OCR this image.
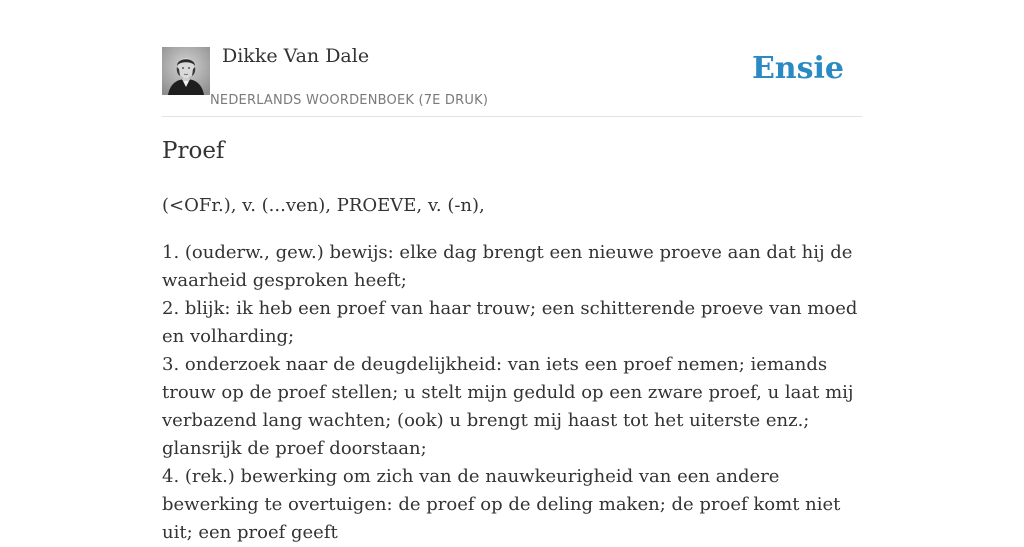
Dikke Van Dale
NEDERLANDS WOORDENBOEK (7E DRUK)
Ensie
Proef

(<OFr.), v. (...ven), PROEVE, v. (-n),

1. (ouderw., gew.) bewijs: elke dag brengt een nieuwe proeve aan dat hij de waarheid gesproken heeft;
2. blijk: ik heb een proef van haar trouw; een schitterende proeve van moed en volharding;
3. onderzoek naar de deugdelijkheid: van iets een proef nemen; iemands trouw op de proef stellen; u stelt mijn geduld op een zware proef, u laat mij verbazend lang wachten; (ook) u brengt mij haast tot het uiterste enz.; glansrijk de proef doorstaan;
4. (rek.) bewerking om zich van de nauwkeurigheid van een andere bewerking te overtuigen: de proef op de deling maken; de proef komt niet uit; een proef geeft
